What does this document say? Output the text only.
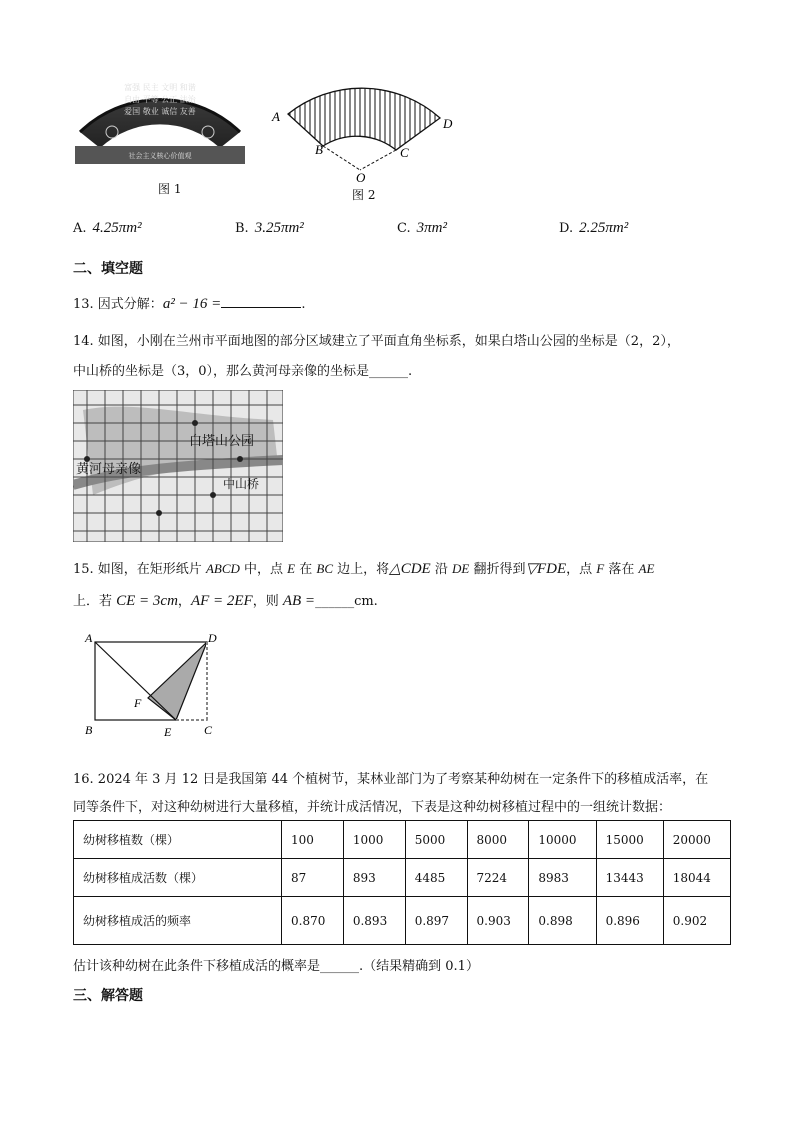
富强 民主 文明 和谐
自由 平等 公正 法治
爱国 敬业 诚信 友善
社会主义核心价值观
图 1
A
B	C
D
O
图 2
A. 4.25πm²	B. 3.25πm²	C. 3πm²	D. 2.25πm²
二、填空题
13. 因式分解：a² − 16 =	.
14. 如图，小刚在兰州市平面地图的部分区域建立了平面直角坐标系，如果白塔山公园的坐标是（2，2），
中山桥的坐标是（3，0），那么黄河母亲像的坐标是______.
白塔山公园
中山桥
黄河母亲像
15. 如图，在矩形纸片 ABCD 中，点 E 在 BC 边上，将△CDE 沿 DE 翻折得到▽FDE，点 F 落在 AE
上．若 CE = 3cm，AF = 2EF，则 AB =______cm.
A	D
B	E	C
F
16. 2024 年 3 月 12 日是我国第 44 个植树节，某林业部门为了考察某种幼树在一定条件下的移植成活率，在
同等条件下，对这种幼树进行大量移植，并统计成活情况，下表是这种幼树移植过程中的一组统计数据：
幼树移植数（棵）	100	1000	5000	8000	10000	15000	20000
幼树移植成活数（棵）	87	893	4485	7224	8983	13443	18044
幼树移植成活的频率	0.870	0.893	0.897	0.903	0.898	0.896	0.902
估计该种幼树在此条件下移植成活的概率是______.（结果精确到 0.1）
三、解答题
